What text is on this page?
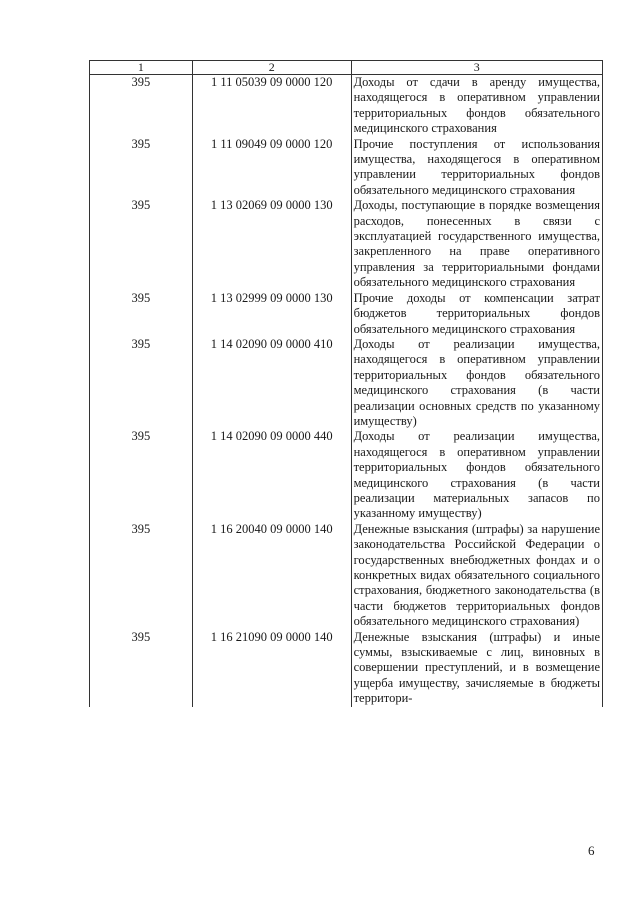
1	2	3
395	1 11 05039 09 0000 120	Доходы от сдачи в аренду имущества, находящегося в оперативном управлении территориальных фондов обязательного медицинского страхования

395	1 11 09049 09 0000 120	Прочие поступления от использования имущества, находящегося в оперативном управлении территориальных фондов обязательного медицинского страхования

395	1 13 02069 09 0000 130	Доходы, поступающие в порядке возмещения расходов, понесенных в связи с эксплуатацией государственного имущества, закрепленного на праве оперативного управления за территориальными фондами обязательного медицинского страхования

395	1 13 02999 09 0000 130	Прочие доходы от компенсации затрат бюджетов территориальных фондов обязательного медицинского страхования

395	1 14 02090 09 0000 410	Доходы от реализации имущества, находящегося в оперативном управлении территориальных фондов обязательного медицинского страхования (в части реализации основных средств по указанному имуществу)

395	1 14 02090 09 0000 440	Доходы от реализации имущества, находящегося в оперативном управлении территориальных фондов обязательного медицинского страхования (в части реализации материальных запасов по указанному имуществу)

395	1 16 20040 09 0000 140	Денежные взыскания (штрафы) за нарушение законодательства Российской Федерации о государственных внебюджетных фондах и о конкретных видах обязательного социального страхования, бюджетного законодательства (в части бюджетов территориальных фондов обязательного медицинского страхования)

395	1 16 21090 09 0000 140	Денежные взыскания (штрафы) и иные суммы, взыскиваемые с лиц, виновных в совершении преступлений, и в возмещение ущерба имуществу, зачисляемые в бюджеты территори-
6
